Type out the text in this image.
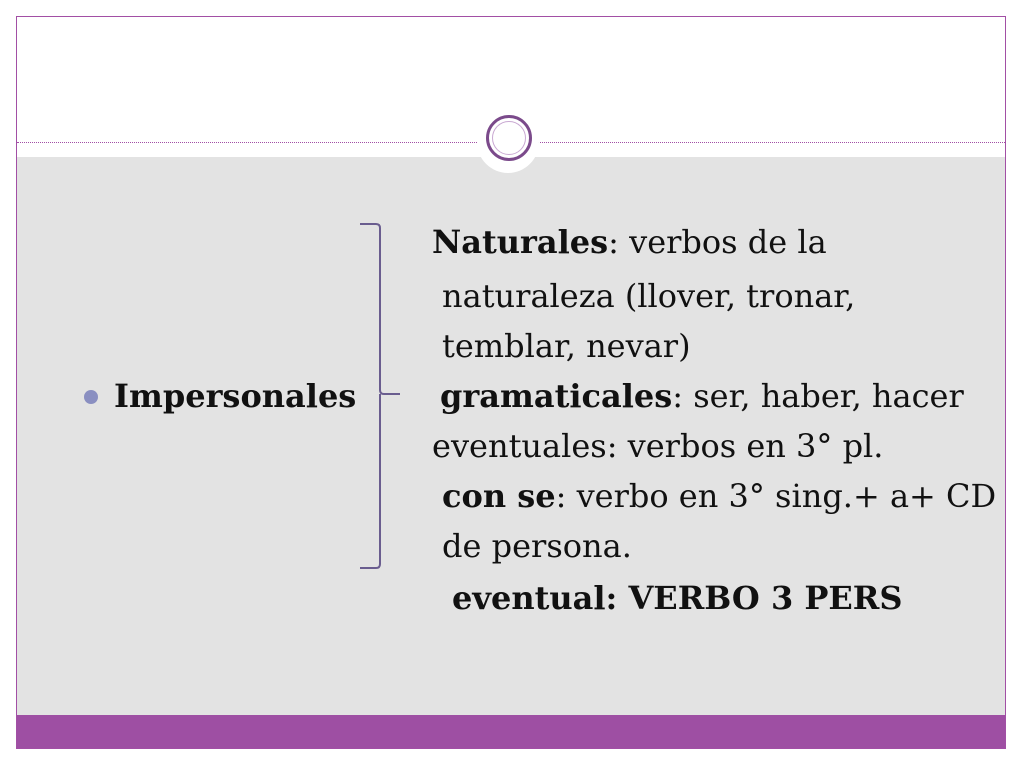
Impersonales
Naturales: verbos de la
naturaleza (llover, tronar,
temblar, nevar)
gramaticales: ser, haber, hacer
eventuales: verbos en 3° pl.
con se: verbo en 3° sing.+ a+ CD
de persona.
eventual: VERBO 3 PERS
